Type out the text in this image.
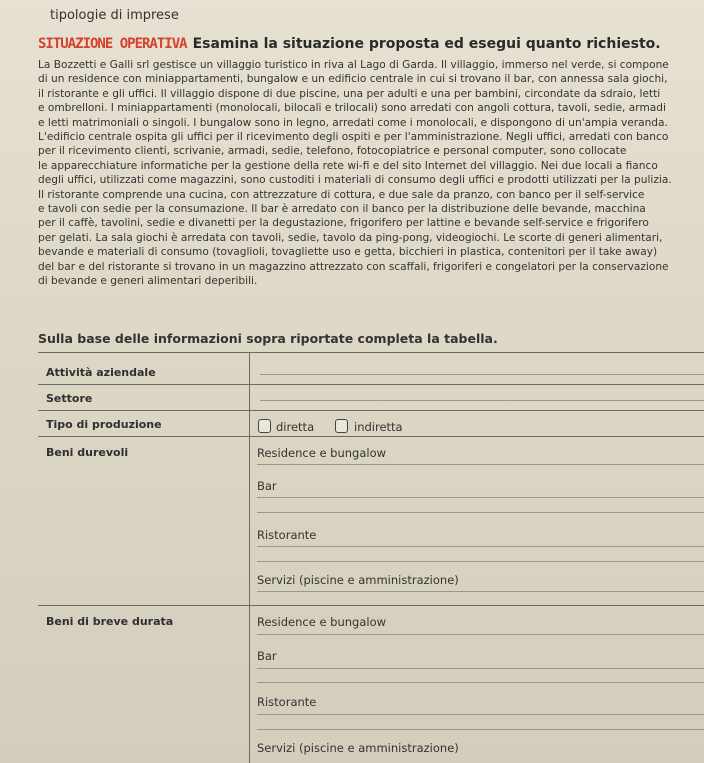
tipologie di imprese
SITUAZIONE OPERATIVA Esamina la situazione proposta ed esegui quanto richiesto.
La Bozzetti e Galli srl gestisce un villaggio turistico in riva al Lago di Garda. Il villaggio, immerso nel verde, si compone
di un residence con miniappartamenti, bungalow e un edificio centrale in cui si trovano il bar, con annessa sala giochi,
il ristorante e gli uffici. Il villaggio dispone di due piscine, una per adulti e una per bambini, circondate da sdraio, letti
e ombrelloni. I miniappartamenti (monolocali, bilocali e trilocali) sono arredati con angoli cottura, tavoli, sedie, armadi
e letti matrimoniali o singoli. I bungalow sono in legno, arredati come i monolocali, e dispongono di un'ampia veranda.
L'edificio centrale ospita gli uffici per il ricevimento degli ospiti e per l'amministrazione. Negli uffici, arredati con banco
per il ricevimento clienti, scrivanie, armadi, sedie, telefono, fotocopiatrice e personal computer, sono collocate
le apparecchiature informatiche per la gestione della rete wi-fi e del sito Internet del villaggio. Nei due locali a fianco
degli uffici, utilizzati come magazzini, sono custoditi i materiali di consumo degli uffici e prodotti utilizzati per la pulizia.
Il ristorante comprende una cucina, con attrezzature di cottura, e due sale da pranzo, con banco per il self-service
e tavoli con sedie per la consumazione. Il bar è arredato con il banco per la distribuzione delle bevande, macchina
per il caffè, tavolini, sedie e divanetti per la degustazione, frigorifero per lattine e bevande self-service e frigorifero
per gelati. La sala giochi è arredata con tavoli, sedie, tavolo da ping-pong, videogiochi. Le scorte di generi alimentari,
bevande e materiali di consumo (tovaglioli, tovagliette uso e getta, bicchieri in plastica, contenitori per il take away)
del bar e del ristorante si trovano in un magazzino attrezzato con scaffali, frigoriferi e congelatori per la conservazione
di bevande e generi alimentari deperibili.
Sulla base delle informazioni sopra riportate completa la tabella.
Attività aziendale
Settore
Tipo di produzione
Beni durevoli
Beni di breve durata
diretta	indiretta
Residence e bungalow
Bar
Ristorante
Servizi (piscine e amministrazione)
Residence e bungalow
Bar
Ristorante
Servizi (piscine e amministrazione)
